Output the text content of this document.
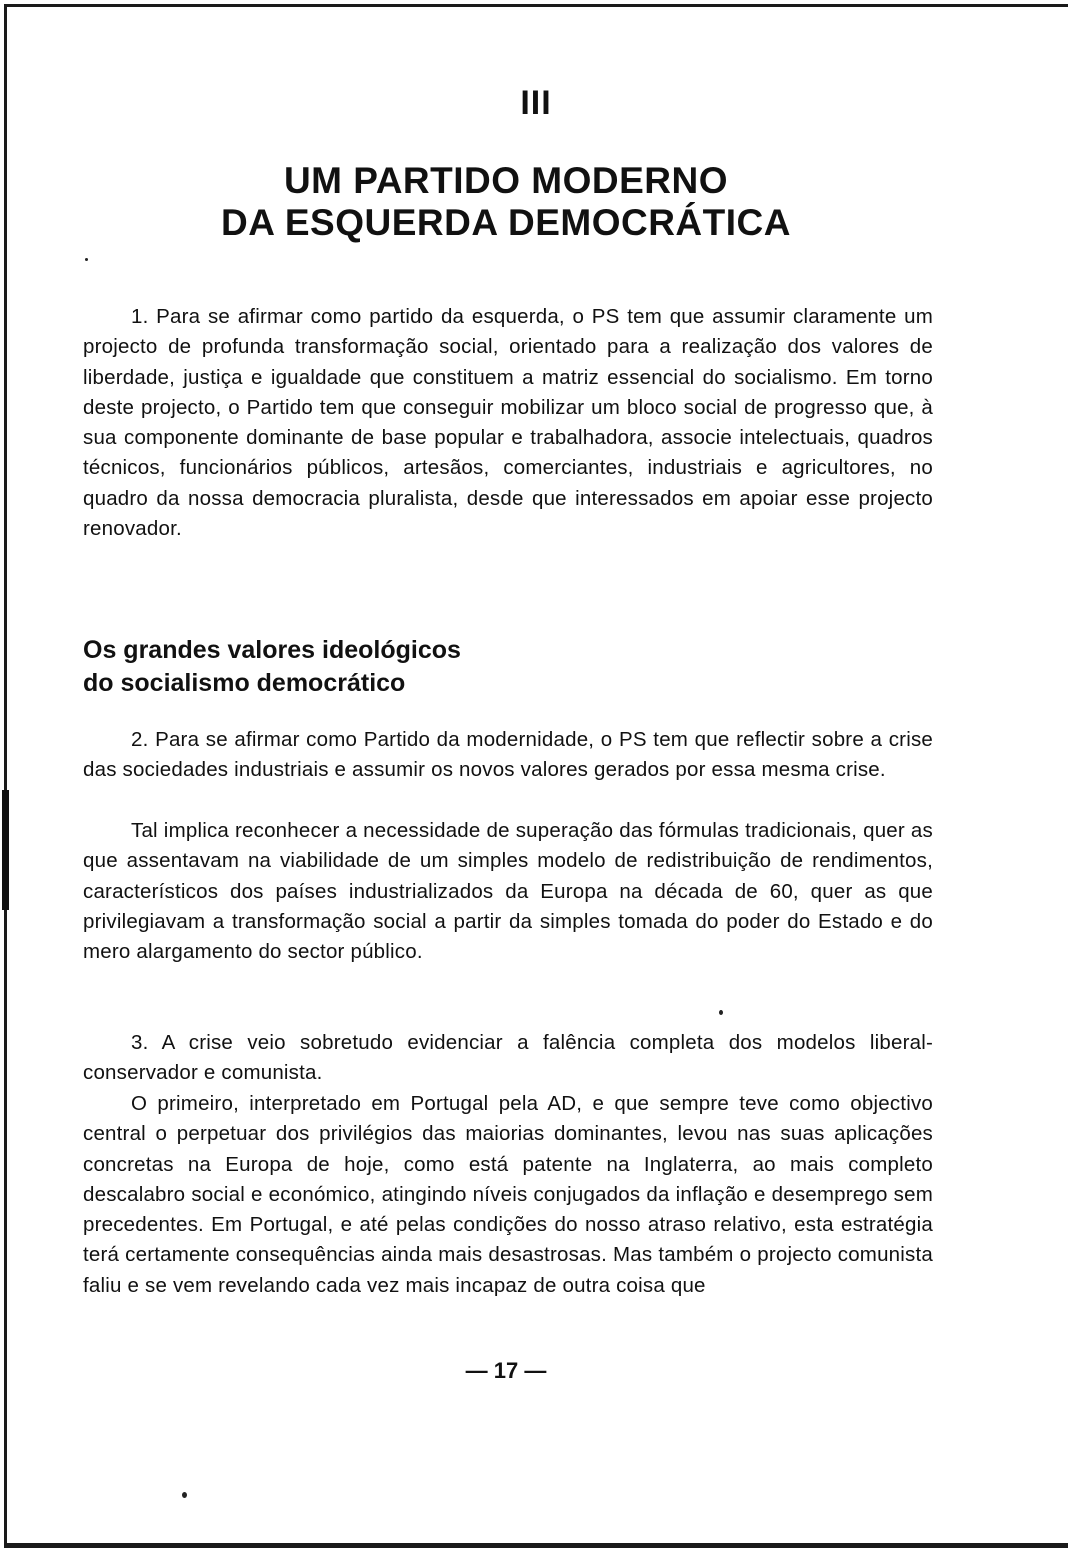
III
UM PARTIDO MODERNO
DA ESQUERDA DEMOCRÁTICA

1. Para se afirmar como partido da esquerda, o PS tem que assumir claramente um projecto de profunda transformação social, orientado para a realização dos valores de liberdade, justiça e igualdade que constituem a matriz essencial do socialismo. Em torno deste projecto, o Partido tem que conseguir mobilizar um bloco social de progresso que, à sua componente dominante de base popular e trabalhadora, associe intelectuais, quadros técnicos, funcionários públicos, artesãos, comerciantes, industriais e agricultores, no quadro da nossa democracia pluralista, desde que interessados em apoiar esse projecto renovador.

Os grandes valores ideológicos
do socialismo democrático

2. Para se afirmar como Partido da modernidade, o PS tem que reflectir sobre a crise das sociedades industriais e assumir os novos valores gerados por essa mesma crise.

Tal implica reconhecer a necessidade de superação das fórmulas tradicionais, quer as que assentavam na viabilidade de um simples modelo de redistribuição de rendimentos, característicos dos países industrializados da Europa na década de 60, quer as que privilegiavam a transformação social a partir da simples tomada do poder do Estado e do mero alargamento do sector público.

3. A crise veio sobretudo evidenciar a falência completa dos modelos liberal-conservador e comunista.

O primeiro, interpretado em Portugal pela AD, e que sempre teve como objectivo central o perpetuar dos privilégios das maiorias dominantes, levou nas suas aplicações concretas na Europa de hoje, como está patente na Inglaterra, ao mais completo descalabro social e económico, atingindo níveis conjugados da inflação e desemprego sem precedentes. Em Portugal, e até pelas condições do nosso atraso relativo, esta estratégia terá certamente consequências ainda mais desastrosas. Mas também o projecto comunista faliu e se vem revelando cada vez mais incapaz de outra coisa que

— 17 —
